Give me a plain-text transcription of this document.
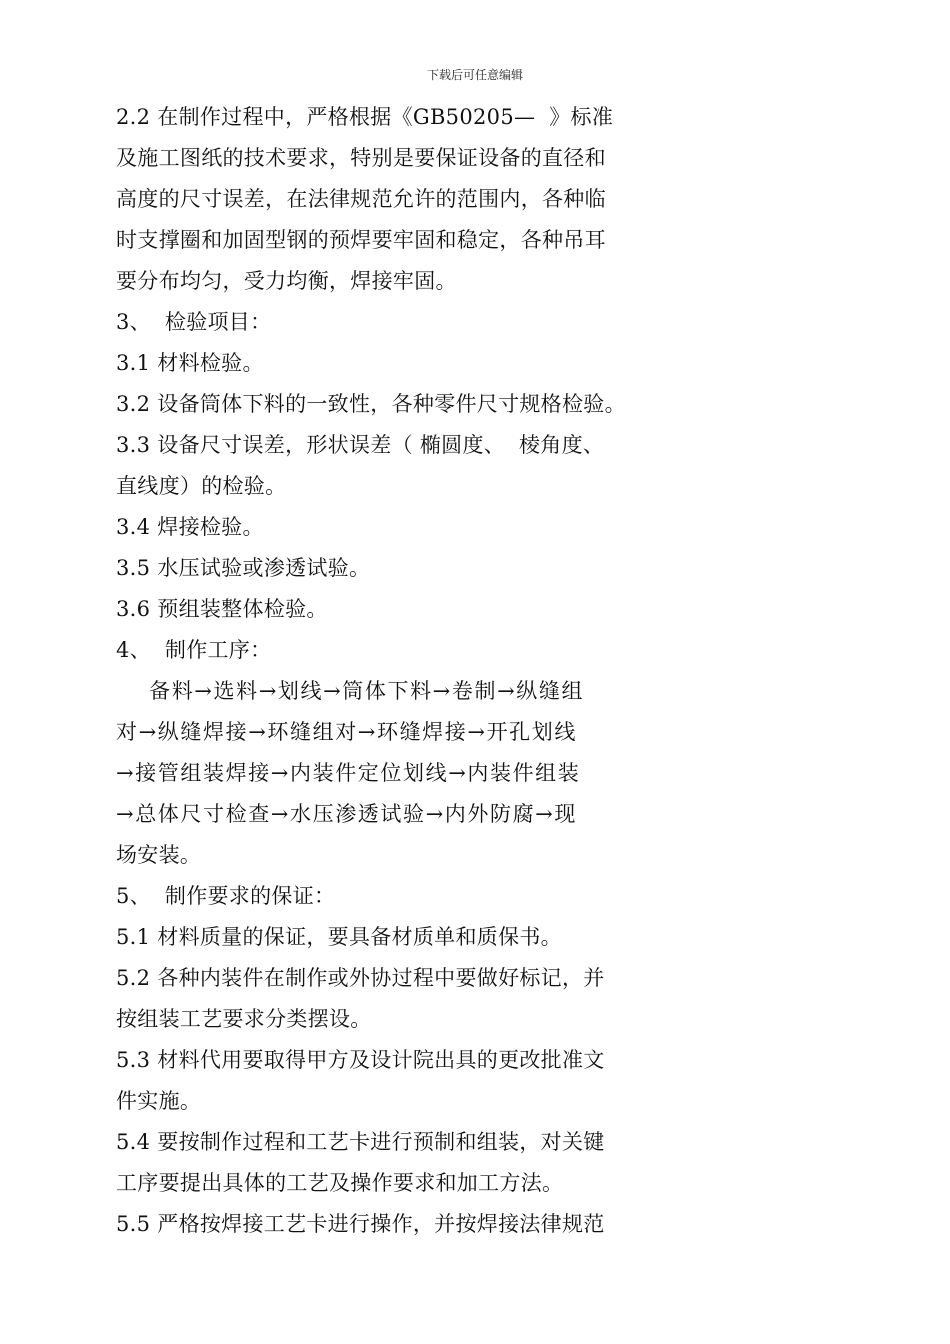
下载后可任意编辑
2.2 在制作过程中，严格根据《GB50205—  》标准
及施工图纸的技术要求，特别是要保证设备的直径和
高度的尺寸误差，在法律规范允许的范围内，各种临
时支撑圈和加固型钢的预焊要牢固和稳定，各种吊耳
要分布均匀，受力均衡，焊接牢固。
3、  检验项目：
3.1 材料检验。
3.2 设备筒体下料的一致性，各种零件尺寸规格检验。
3.3 设备尺寸误差，形状误差（ 椭圆度、  棱角度、
直线度）的检验。
3.4 焊接检验。
3.5 水压试验或渗透试验。
3.6 预组装整体检验。
4、  制作工序：
备料→选料→划线→筒体下料→卷制→纵缝组
对→纵缝焊接→环缝组对→环缝焊接→开孔划线
→接管组装焊接→内装件定位划线→内装件组装
→总体尺寸检查→水压渗透试验→内外防腐→现
场安装。
5、  制作要求的保证：
5.1 材料质量的保证，要具备材质单和质保书。
5.2 各种内装件在制作或外协过程中要做好标记，并
按组装工艺要求分类摆设。
5.3 材料代用要取得甲方及设计院出具的更改批准文
件实施。
5.4 要按制作过程和工艺卡进行预制和组装，对关键
工序要提出具体的工艺及操作要求和加工方法。
5.5 严格按焊接工艺卡进行操作，并按焊接法律规范
